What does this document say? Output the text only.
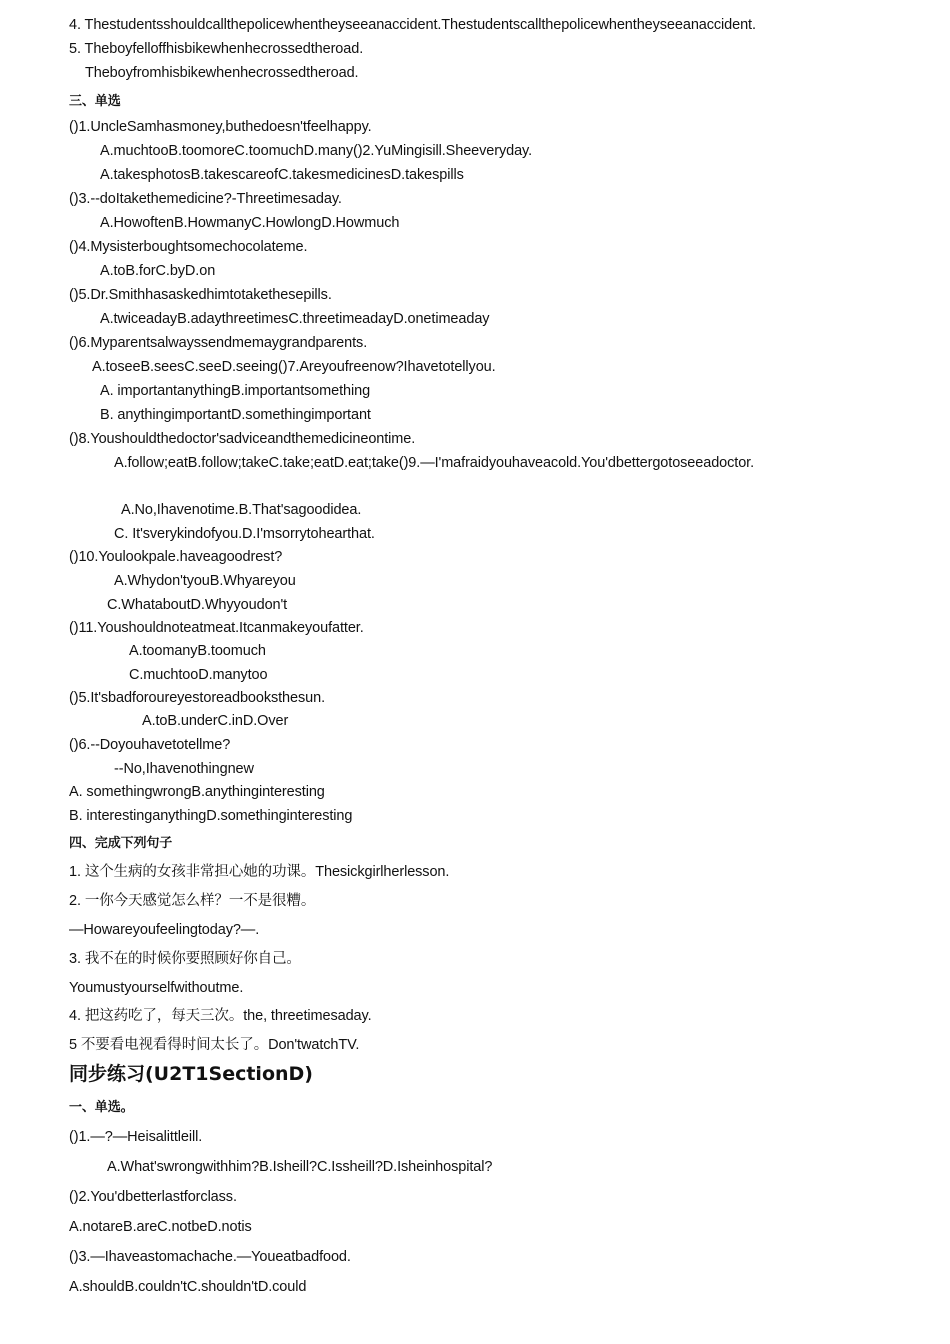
4. Thestudentsshouldcallthepolicewhentheyseeanaccident.Thestudentscallthepolicewhentheyseeanaccident.
5. Theboyfelloffhisbikewhenhecrossedtheroad.
Theboyfromhisbikewhenhecrossedtheroad.
三、单选
()1.UncleSamhasmoney,buthedoesn'tfeelhappy.
A.muchtooB.toomoreC.toomuchD.many()2.YuMingisill.Sheeveryday.
A.takesphotosB.takescareofC.takesmedicinesD.takespills
()3.--doItakethemedicine?-Threetimesaday.
A.HowoftenB.HowmanyC.HowlongD.Howmuch
()4.Mysisterboughtsomechocolateme.
A.toB.forC.byD.on
()5.Dr.Smithhasaskedhimtotakethesepills.
A.twiceadayB.adaythreetimesC.threetimeadayD.onetimeaday
()6.Myparentsalwayssendmemaygrandparents.
A.toseeB.seesC.seeD.seeing()7.Areyoufreenow?Ihavetotellyou.
A. importantanythingB.importantsomething
B. anythingimportantD.somethingimportant
()8.Youshouldthedoctor'sadviceandthemedicineontime.
A.follow;eatB.follow;takeC.take;eatD.eat;take()9.—I'mafraidyouhaveacold.You'dbettergotoseeadoctor.
A.No,Ihavenotime.B.That'sagoodidea.
C. It'sverykindofyou.D.I'msorrytohearthat.
()10.Youlookpale.haveagoodrest?
A.Whydon'tyouB.Whyareyou
C.WhataboutD.Whyyoudon't
()11.Youshouldnoteatmeat.Itcanmakeyoufatter.
A.toomanyB.toomuch
C.muchtooD.manytoo
()5.It'sbadforoureyestoreadbooksthesun.
A.toB.underC.inD.Over
()6.--Doyouhavetotellme?
--No,Ihavenothingnew
A. somethingwrongB.anythinginteresting
B. interestinganythingD.somethinginteresting
四、完成下列句子
1. 这个生病的女孩非常担心她的功课。Thesickgirlherlesson.
2. 一你今天感觉怎么样？一不是很糟。
—Howareyoufeelingtoday?—.
3. 我不在的时候你要照顾好你自己。
Youmustyourselfwithoutme.
4. 把这药吃了，每天三次。the, threetimesaday.
5 不要看电视看得时间太长了。Don'twatchTV.
同步练习(U2T1SectionD)
一、单选。
()1.—?—Heisalittleill.
A.What'swrongwithhim?B.Isheill?C.Issheill?D.Isheinhospital?
()2.You'dbetterlastforclass.
A.notareB.areC.notbeD.notis
()3.—Ihaveastomachache.—Youeatbadfood.
A.shouldB.couldn'tC.shouldn'tD.could
